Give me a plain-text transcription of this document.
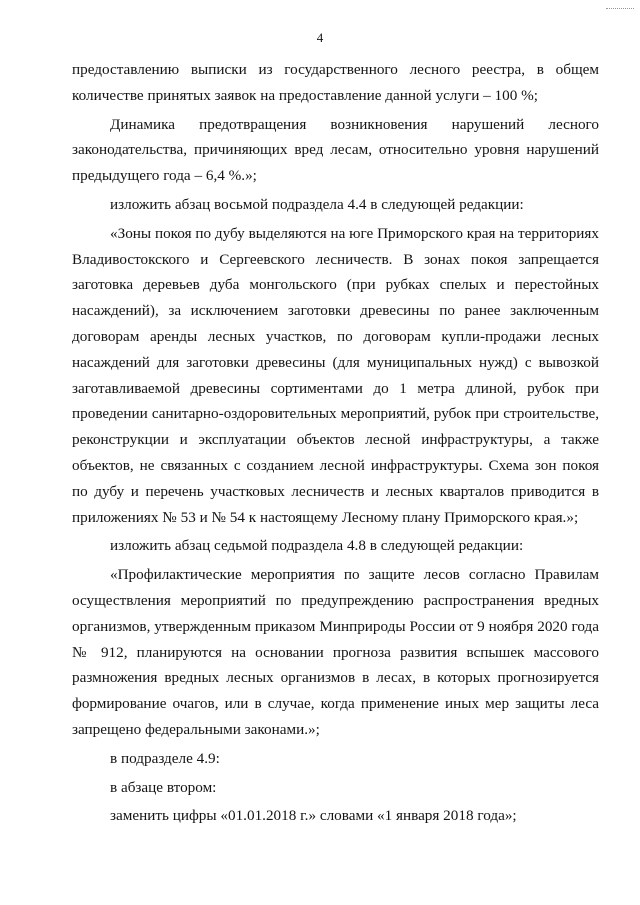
4

предоставлению выписки из государственного лесного реестра, в общем количестве принятых заявок на предоставление данной услуги – 100 %;

Динамика предотвращения возникновения нарушений лесного законодательства, причиняющих вред лесам, относительно уровня нарушений предыдущего года – 6,4 %.»;

изложить абзац восьмой подраздела 4.4 в следующей редакции:

«Зоны покоя по дубу выделяются на юге Приморского края на территориях Владивостокского и Сергеевского лесничеств. В зонах покоя запрещается заготовка деревьев дуба монгольского (при рубках спелых и перестойных насаждений), за исключением заготовки древесины по ранее заключенным договорам аренды лесных участков, по договорам купли-продажи лесных насаждений для заготовки древесины (для муниципальных нужд) с вывозкой заготавливаемой древесины сортиментами до 1 метра длиной, рубок при проведении санитарно-оздоровительных мероприятий, рубок при строительстве, реконструкции и эксплуатации объектов лесной инфраструктуры, а также объектов, не связанных с созданием лесной инфраструктуры. Схема зон покоя по дубу и перечень участковых лесничеств и лесных кварталов приводится в приложениях № 53 и № 54 к настоящему Лесному плану Приморского края.»;

изложить абзац седьмой подраздела 4.8 в следующей редакции:

«Профилактические мероприятия по защите лесов согласно Правилам осуществления мероприятий по предупреждению распространения вредных организмов, утвержденным приказом Минприроды России от 9 ноября 2020 года № 912, планируются на основании прогноза развития вспышек массового размножения вредных лесных организмов в лесах, в которых прогнозируется формирование очагов, или в случае, когда применение иных мер защиты леса запрещено федеральными законами.»;

в подразделе 4.9:

в абзаце втором:

заменить цифры «01.01.2018 г.» словами «1 января 2018 года»;
